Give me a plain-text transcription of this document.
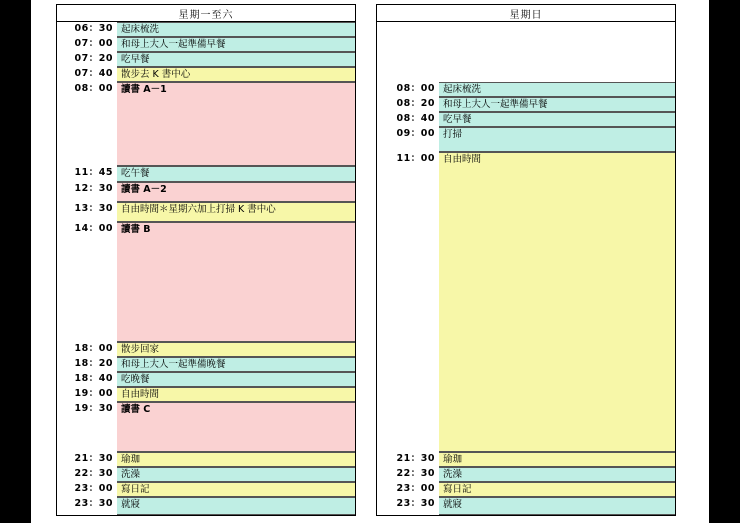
星期一至六
06：30 起床梳洗
07：00 和母上大人一起準備早餐
07：20 吃早餐
07：40 散步去 K 書中心
08：00 讀書 A－1
11：45 吃午餐
12：30 讀書 A－2
13：30 自由時間＊星期六加上打掃 K 書中心
14：00 讀書 B
18：00 散步回家
18：20 和母上大人一起準備晚餐
18：40 吃晚餐
19：00 自由時間
19：30 讀書 C
21：30 瑜珈
22：30 洗澡
23：00 寫日記
23：30 就寢
星期日
08：00 起床梳洗
08：20 和母上大人一起準備早餐
08：40 吃早餐
09：00 打掃
11：00 自由時間
21：30 瑜珈
22：30 洗澡
23：00 寫日記
23：30 就寢
